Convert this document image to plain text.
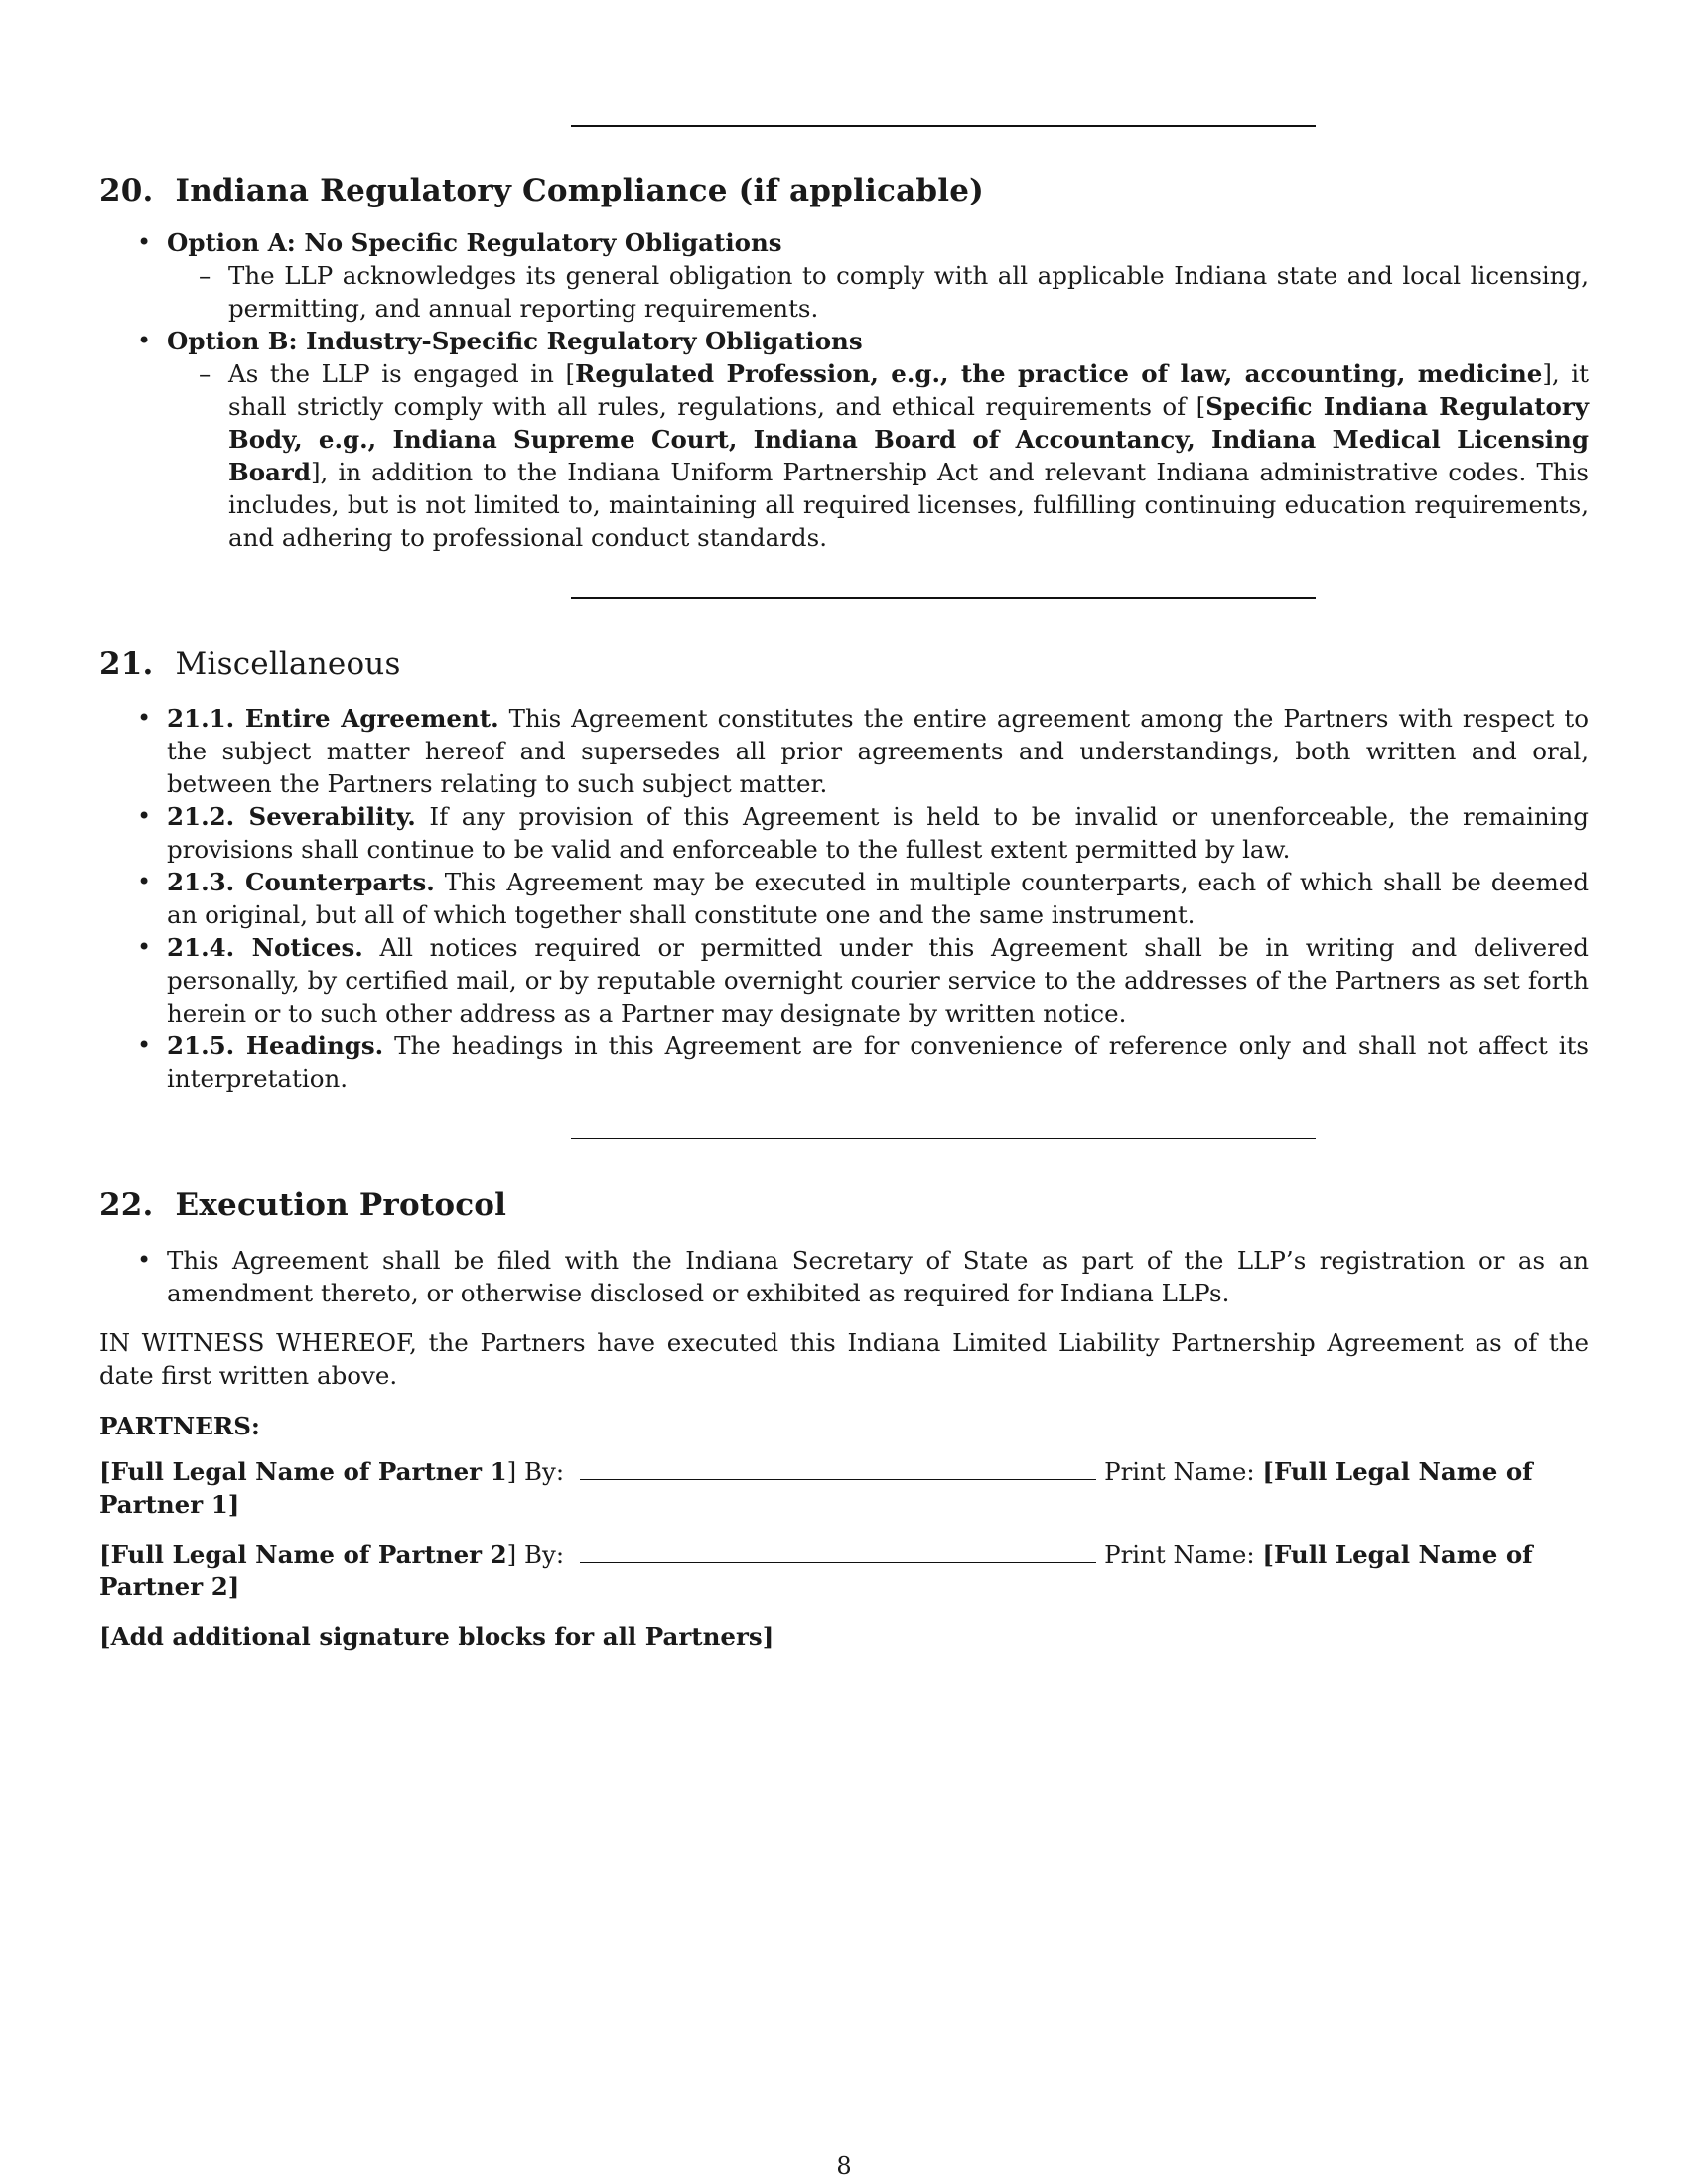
20. Indiana Regulatory Compliance (if applicable)
• Option A: No Specific Regulatory Obligations
– The LLP acknowledges its general obligation to comply with all applicable Indiana state and local licensing, permitting, and annual reporting requirements.
• Option B: Industry-Specific Regulatory Obligations
– As the LLP is engaged in [Regulated Profession, e.g., the practice of law, accounting, medicine], it shall strictly comply with all rules, regulations, and ethical requirements of [Specific Indiana Regulatory Body, e.g., Indiana Supreme Court, Indiana Board of Accountancy, Indiana Medical Licensing Board], in addition to the Indiana Uniform Partnership Act and relevant Indiana administrative codes. This includes, but is not limited to, maintaining all required licenses, fulfilling continuing education requirements, and adhering to professional conduct standards.
21. Miscellaneous
• 21.1. Entire Agreement. This Agreement constitutes the entire agreement among the Partners with respect to the subject matter hereof and supersedes all prior agreements and understandings, both written and oral, between the Partners relating to such subject matter.
• 21.2. Severability. If any provision of this Agreement is held to be invalid or unenforceable, the remaining provisions shall continue to be valid and enforceable to the fullest extent permitted by law.
• 21.3. Counterparts. This Agreement may be executed in multiple counterparts, each of which shall be deemed an original, but all of which together shall constitute one and the same instrument.
• 21.4. Notices. All notices required or permitted under this Agreement shall be in writing and delivered personally, by certified mail, or by reputable overnight courier service to the addresses of the Partners as set forth herein or to such other address as a Partner may designate by written notice.
• 21.5. Headings. The headings in this Agreement are for convenience of reference only and shall not affect its interpretation.
22. Execution Protocol
• This Agreement shall be filed with the Indiana Secretary of State as part of the LLP’s registration or as an amendment thereto, or otherwise disclosed or exhibited as required for Indiana LLPs.
IN WITNESS WHEREOF, the Partners have executed this Indiana Limited Liability Partnership Agreement as of the date first written above.
PARTNERS:
[Full Legal Name of Partner 1] By:	Print Name: [Full Legal Name of Partner 1]
[Full Legal Name of Partner 2] By:	Print Name: [Full Legal Name of Partner 2]
[Add additional signature blocks for all Partners]
8
